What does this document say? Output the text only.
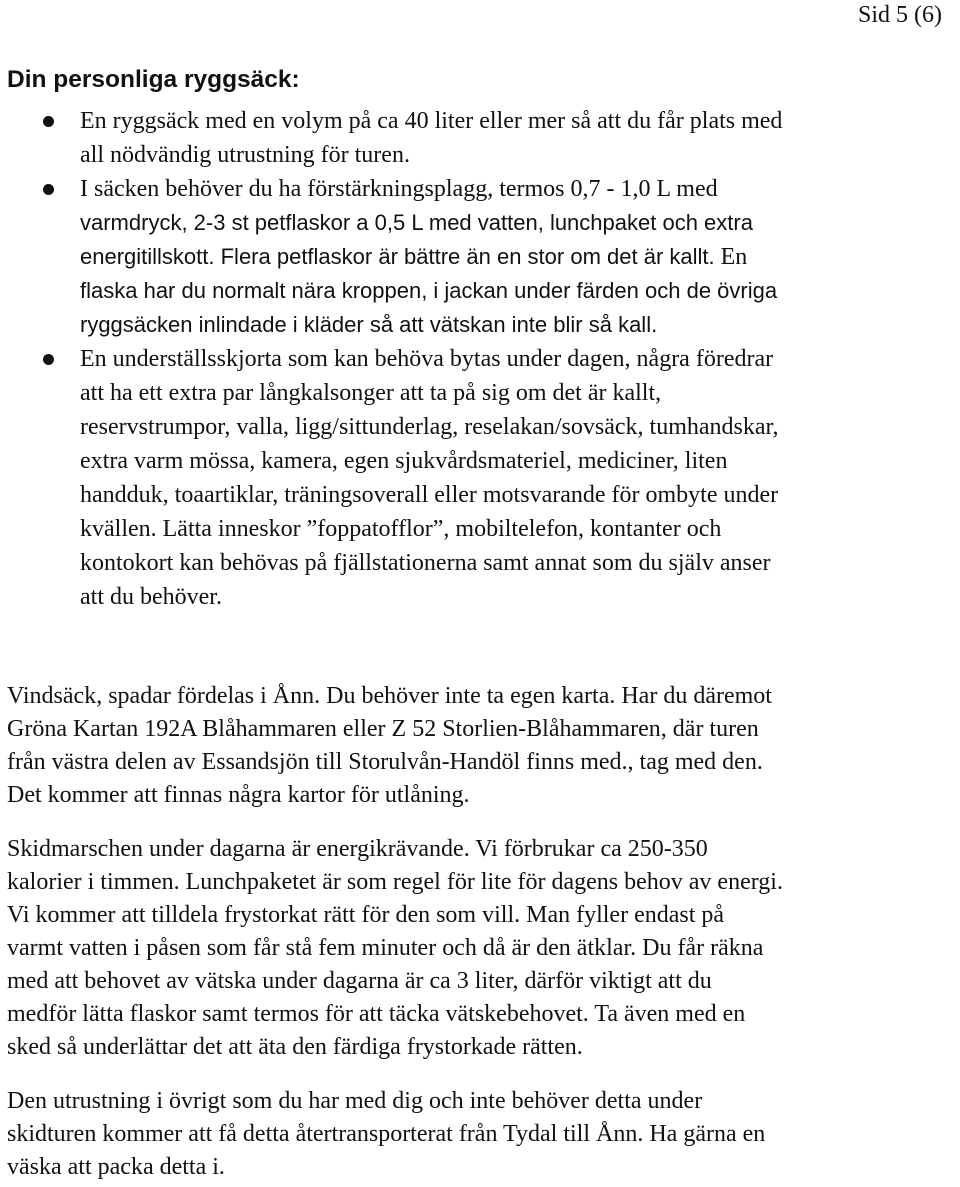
Sid 5 (6)
Din personliga ryggsäck:
En ryggsäck med en volym på ca 40 liter eller mer så att du får plats med
all nödvändig utrustning för turen.
I säcken behöver du ha förstärkningsplagg, termos 0,7 - 1,0 L med
varmdryck, 2-3 st petflaskor a 0,5 L med vatten, lunchpaket och extra
energitillskott. Flera petflaskor är bättre än en stor om det är kallt. En
flaska har du normalt nära kroppen, i jackan under färden och de övriga
ryggsäcken inlindade i kläder så att vätskan inte blir så kall.
En underställsskjorta som kan behöva bytas under dagen, några föredrar
att ha ett extra par långkalsonger att ta på sig om det är kallt,
reservstrumpor, valla, ligg/sittunderlag, reselakan/sovsäck, tumhandskar,
extra varm mössa, kamera, egen sjukvårdsmateriel, mediciner, liten
handduk, toaartiklar, träningsoverall eller motsvarande för ombyte under
kvällen. Lätta inneskor ”foppatofflor”, mobiltelefon, kontanter och
kontokort kan behövas på fjällstationerna samt annat som du själv anser
att du behöver.

Vindsäck, spadar fördelas i Ånn. Du behöver inte ta egen karta. Har du däremot
Gröna Kartan 192A Blåhammaren eller Z 52 Storlien-Blåhammaren, där turen
från västra delen av Essandsjön till Storulvån-Handöl finns med., tag med den.
Det kommer att finnas några kartor för utlåning.

Skidmarschen under dagarna är energikrävande. Vi förbrukar ca 250-350
kalorier i timmen. Lunchpaketet är som regel för lite för dagens behov av energi.
Vi kommer att tilldela frystorkat rätt för den som vill. Man fyller endast på
varmt vatten i påsen som får stå fem minuter och då är den ätklar. Du får räkna
med att behovet av vätska under dagarna är ca 3 liter, därför viktigt att du
medför lätta flaskor samt termos för att täcka vätskebehovet. Ta även med en
sked så underlättar det att äta den färdiga frystorkade rätten.

Den utrustning i övrigt som du har med dig och inte behöver detta under
skidturen kommer att få detta återtransporterat från Tydal till Ånn. Ha gärna en
väska att packa detta i.
